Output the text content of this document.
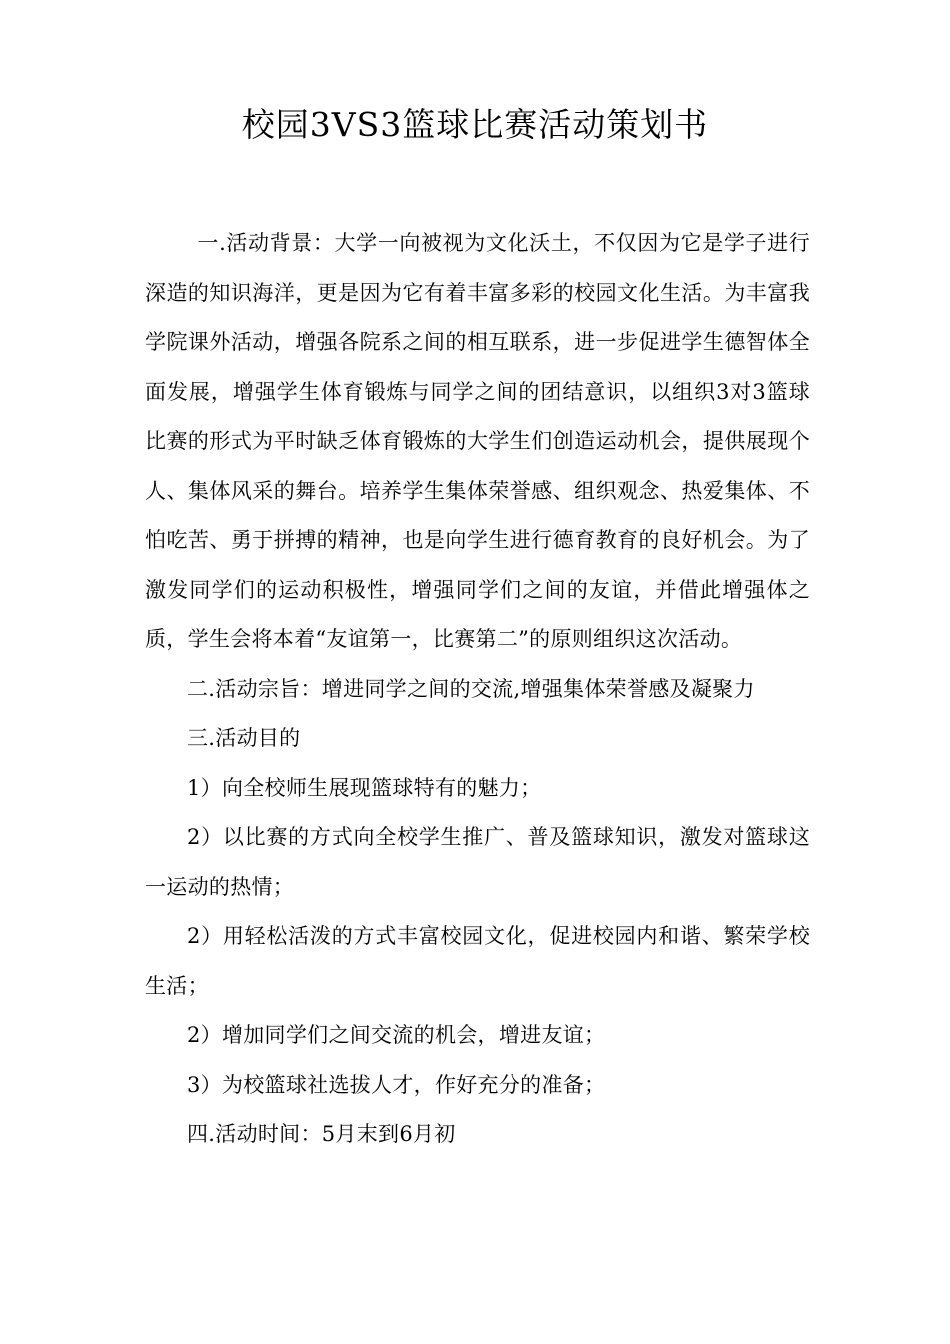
校园3VS3篮球比赛活动策划书

一.活动背景：大学一向被视为文化沃土，不仅因为它是学子进行深造的知识海洋，更是因为它有着丰富多彩的校园文化生活。为丰富我学院课外活动，增强各院系之间的相互联系，进一步促进学生德智体全面发展，增强学生体育锻炼与同学之间的团结意识，以组织3对3篮球比赛的形式为平时缺乏体育锻炼的大学生们创造运动机会，提供展现个人、集体风采的舞台。培养学生集体荣誉感、组织观念、热爱集体、不怕吃苦、勇于拼搏的精神，也是向学生进行德育教育的良好机会。为了激发同学们的运动积极性，增强同学们之间的友谊，并借此增强体之质，学生会将本着“友谊第一，比赛第二”的原则组织这次活动。

二.活动宗旨：增进同学之间的交流,增强集体荣誉感及凝聚力

三.活动目的

1）向全校师生展现篮球特有的魅力；

2）以比赛的方式向全校学生推广、普及篮球知识，激发对篮球这一运动的热情；

2）用轻松活泼的方式丰富校园文化，促进校园内和谐、繁荣学校生活；

2）增加同学们之间交流的机会，增进友谊；

3）为校篮球社选拔人才，作好充分的准备；

四.活动时间：5月末到6月初
